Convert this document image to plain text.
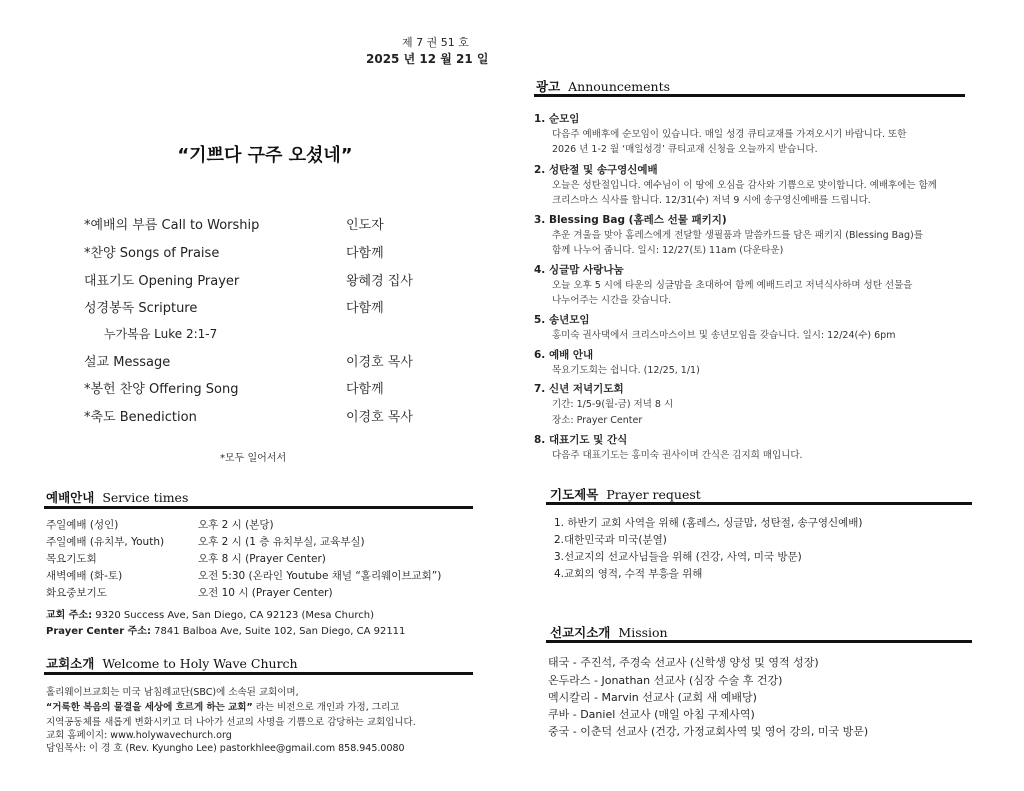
제 7 권 51 호
2025 년 12 월 21 일
“기쁘다 구주 오셨네”
*예배의 부름 Call to Worship	인도자
*찬양 Songs of Praise	다함께
대표기도 Opening Prayer	왕혜경 집사
성경봉독 Scripture	다함께
누가복음 Luke 2:1-7
설교 Message	이경호 목사
*봉헌 찬양 Offering Song	다함께
*축도 Benediction	이경호 목사
*모두 일어서서
예배안내 Service times
주일예배 (성인)	오후 2 시 (본당)
주일예배 (유치부, Youth)	오후 2 시 (1 층 유치부실, 교육부실)
목요기도회	오후 8 시 (Prayer Center)
새벽예배 (화-토)	오전 5:30 (온라인 Youtube 채널 “홀리웨이브교회”)
화요중보기도	오전 10 시 (Prayer Center)
교회 주소: 9320 Success Ave, San Diego, CA 92123 (Mesa Church)
Prayer Center 주소: 7841 Balboa Ave, Suite 102, San Diego, CA 92111
교회소개 Welcome to Holy Wave Church
홀리웨이브교회는 미국 남침례교단(SBC)에 소속된 교회이며,
“거룩한 복음의 물결을 세상에 흐르게 하는 교회” 라는 비전으로 개인과 가정, 그리고
지역공동체를 새롭게 변화시키고 더 나아가 선교의 사명을 기쁨으로 감당하는 교회입니다.
교회 홈페이지: www.holywavechurch.org
담임목사: 이 경 호 (Rev. Kyungho Lee) pastorkhlee@gmail.com 858.945.0080
광고 Announcements
1. 순모임
다음주 예배후에 순모임이 있습니다. 매일 성경 큐티교재를 가져오시기 바랍니다. 또한
2026 년 1-2 월 ‘매일성경’ 큐티교재 신청을 오늘까지 받습니다.
2. 성탄절 및 송구영신예배
오늘은 성탄절입니다. 예수님이 이 땅에 오심을 감사와 기쁨으로 맞이합니다. 예배후에는 함께
크리스마스 식사를 합니다. 12/31(수) 저녁 9 시에 송구영신예배를 드립니다.
3. Blessing Bag (홈레스 선물 패키지)
추운 겨울을 맞아 홈레스에게 전달할 생필품과 말씀카드를 담은 패키지 (Blessing Bag)를
함께 나누어 줍니다. 일시: 12/27(토) 11am (다운타운)
4. 싱글맘 사랑나눔
오늘 오후 5 시에 타운의 싱글맘을 초대하여 함께 예배드리고 저녁식사하며 성탄 선물을
나누어주는 시간을 갖습니다.
5. 송년모임
홍미숙 권사댁에서 크리스마스이브 및 송년모임을 갖습니다. 일시: 12/24(수) 6pm
6. 예배 안내
목요기도회는 쉽니다. (12/25, 1/1)
7. 신년 저녁기도회
기간: 1/5-9(월-금) 저녁 8 시
장소: Prayer Center
8. 대표기도 및 간식
다음주 대표기도는 홍미숙 권사이며 간식은 김지희 매입니다.
기도제목 Prayer request
1. 하반기 교회 사역을 위해 (홈레스, 싱글맘, 성탄절, 송구영신예배)
2.대한민국과 미국(분열)
3.선교지의 선교사님들을 위해 (건강, 사역, 미국 방문)
4.교회의 영적, 수적 부흥을 위해
선교지소개 Mission
태국 - 주진석, 주경숙 선교사 (신학생 양성 및 영적 성장)
온두라스 - Jonathan 선교사 (심장 수술 후 건강)
멕시칼리 - Marvin 선교사 (교회 새 예배당)
쿠바 - Daniel 선교사 (매일 아침 구제사역)
중국 - 이춘덕 선교사 (건강, 가정교회사역 및 영어 강의, 미국 방문)
